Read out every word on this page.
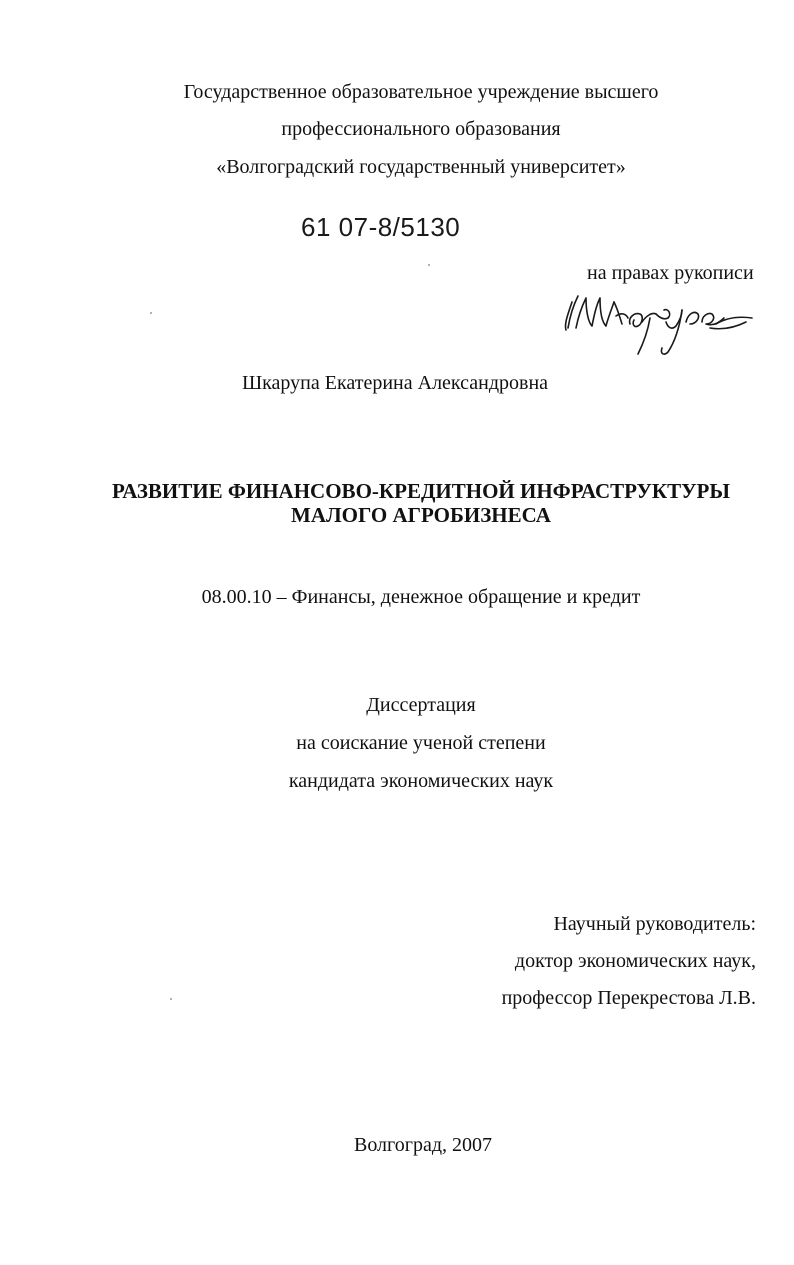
Государственное образовательное учреждение высшего
профессионального образования
«Волгоградский государственный университет»
61 07-8/5130
на правах рукописи
Шкарупа Екатерина Александровна
РАЗВИТИЕ ФИНАНСОВО-КРЕДИТНОЙ ИНФРАСТРУКТУРЫ
МАЛОГО АГРОБИЗНЕСА
08.00.10 – Финансы, денежное обращение и кредит
Диссертация
на соискание ученой степени
кандидата экономических наук
Научный руководитель:
доктор экономических наук,
профессор Перекрестова Л.В.
Волгоград, 2007
